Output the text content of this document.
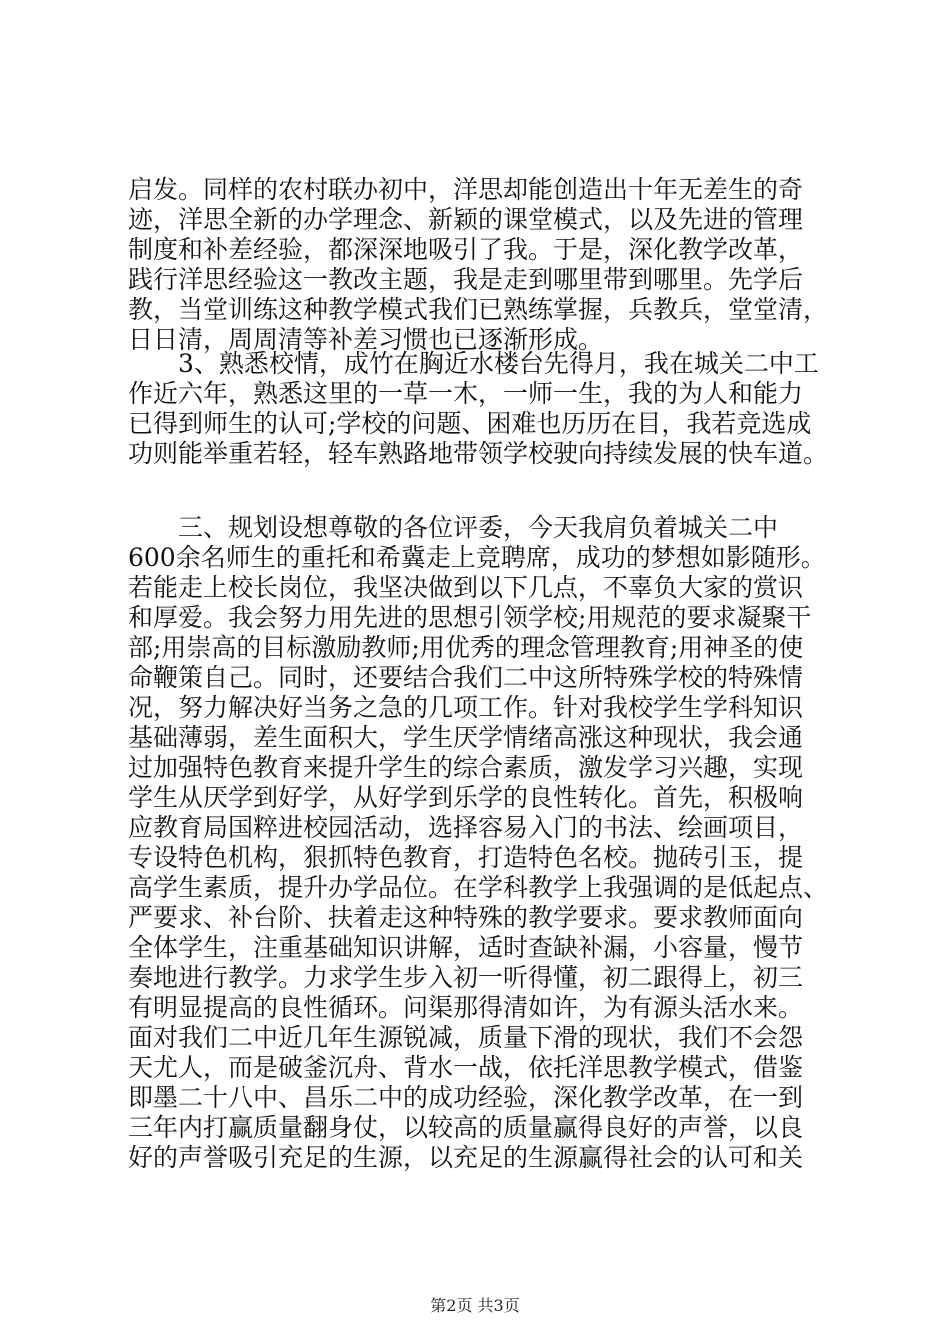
启发。同样的农村联办初中，洋思却能创造出十年无差生的奇
迹，洋思全新的办学理念、新颖的课堂模式，以及先进的管理
制度和补差经验，都深深地吸引了我。于是，深化教学改革，
践行洋思经验这一教改主题，我是走到哪里带到哪里。先学后
教，当堂训练这种教学模式我们已熟练掌握，兵教兵，堂堂清，
日日清，周周清等补差习惯也已逐渐形成。
　　3、熟悉校情，成竹在胸近水楼台先得月，我在城关二中工
作近六年，熟悉这里的一草一木，一师一生，我的为人和能力
已得到师生的认可;学校的问题、困难也历历在目，我若竞选成
功则能举重若轻，轻车熟路地带领学校驶向持续发展的快车道。
　　三、规划设想尊敬的各位评委，今天我肩负着城关二中
600余名师生的重托和希冀走上竞聘席，成功的梦想如影随形。
若能走上校长岗位，我坚决做到以下几点，不辜负大家的赏识
和厚爱。我会努力用先进的思想引领学校;用规范的要求凝聚干
部;用崇高的目标激励教师;用优秀的理念管理教育;用神圣的使
命鞭策自己。同时，还要结合我们二中这所特殊学校的特殊情
况，努力解决好当务之急的几项工作。针对我校学生学科知识
基础薄弱，差生面积大，学生厌学情绪高涨这种现状，我会通
过加强特色教育来提升学生的综合素质，激发学习兴趣，实现
学生从厌学到好学，从好学到乐学的良性转化。首先，积极响
应教育局国粹进校园活动，选择容易入门的书法、绘画项目，
专设特色机构，狠抓特色教育，打造特色名校。抛砖引玉，提
高学生素质，提升办学品位。在学科教学上我强调的是低起点、
严要求、补台阶、扶着走这种特殊的教学要求。要求教师面向
全体学生，注重基础知识讲解，适时查缺补漏，小容量，慢节
奏地进行教学。力求学生步入初一听得懂，初二跟得上，初三
有明显提高的良性循环。问渠那得清如许，为有源头活水来。
面对我们二中近几年生源锐减，质量下滑的现状，我们不会怨
天尤人，而是破釜沉舟、背水一战，依托洋思教学模式，借鉴
即墨二十八中、昌乐二中的成功经验，深化教学改革，在一到
三年内打赢质量翻身仗，以较高的质量赢得良好的声誉，以良
好的声誉吸引充足的生源，以充足的生源赢得社会的认可和关
第2页 共3页
